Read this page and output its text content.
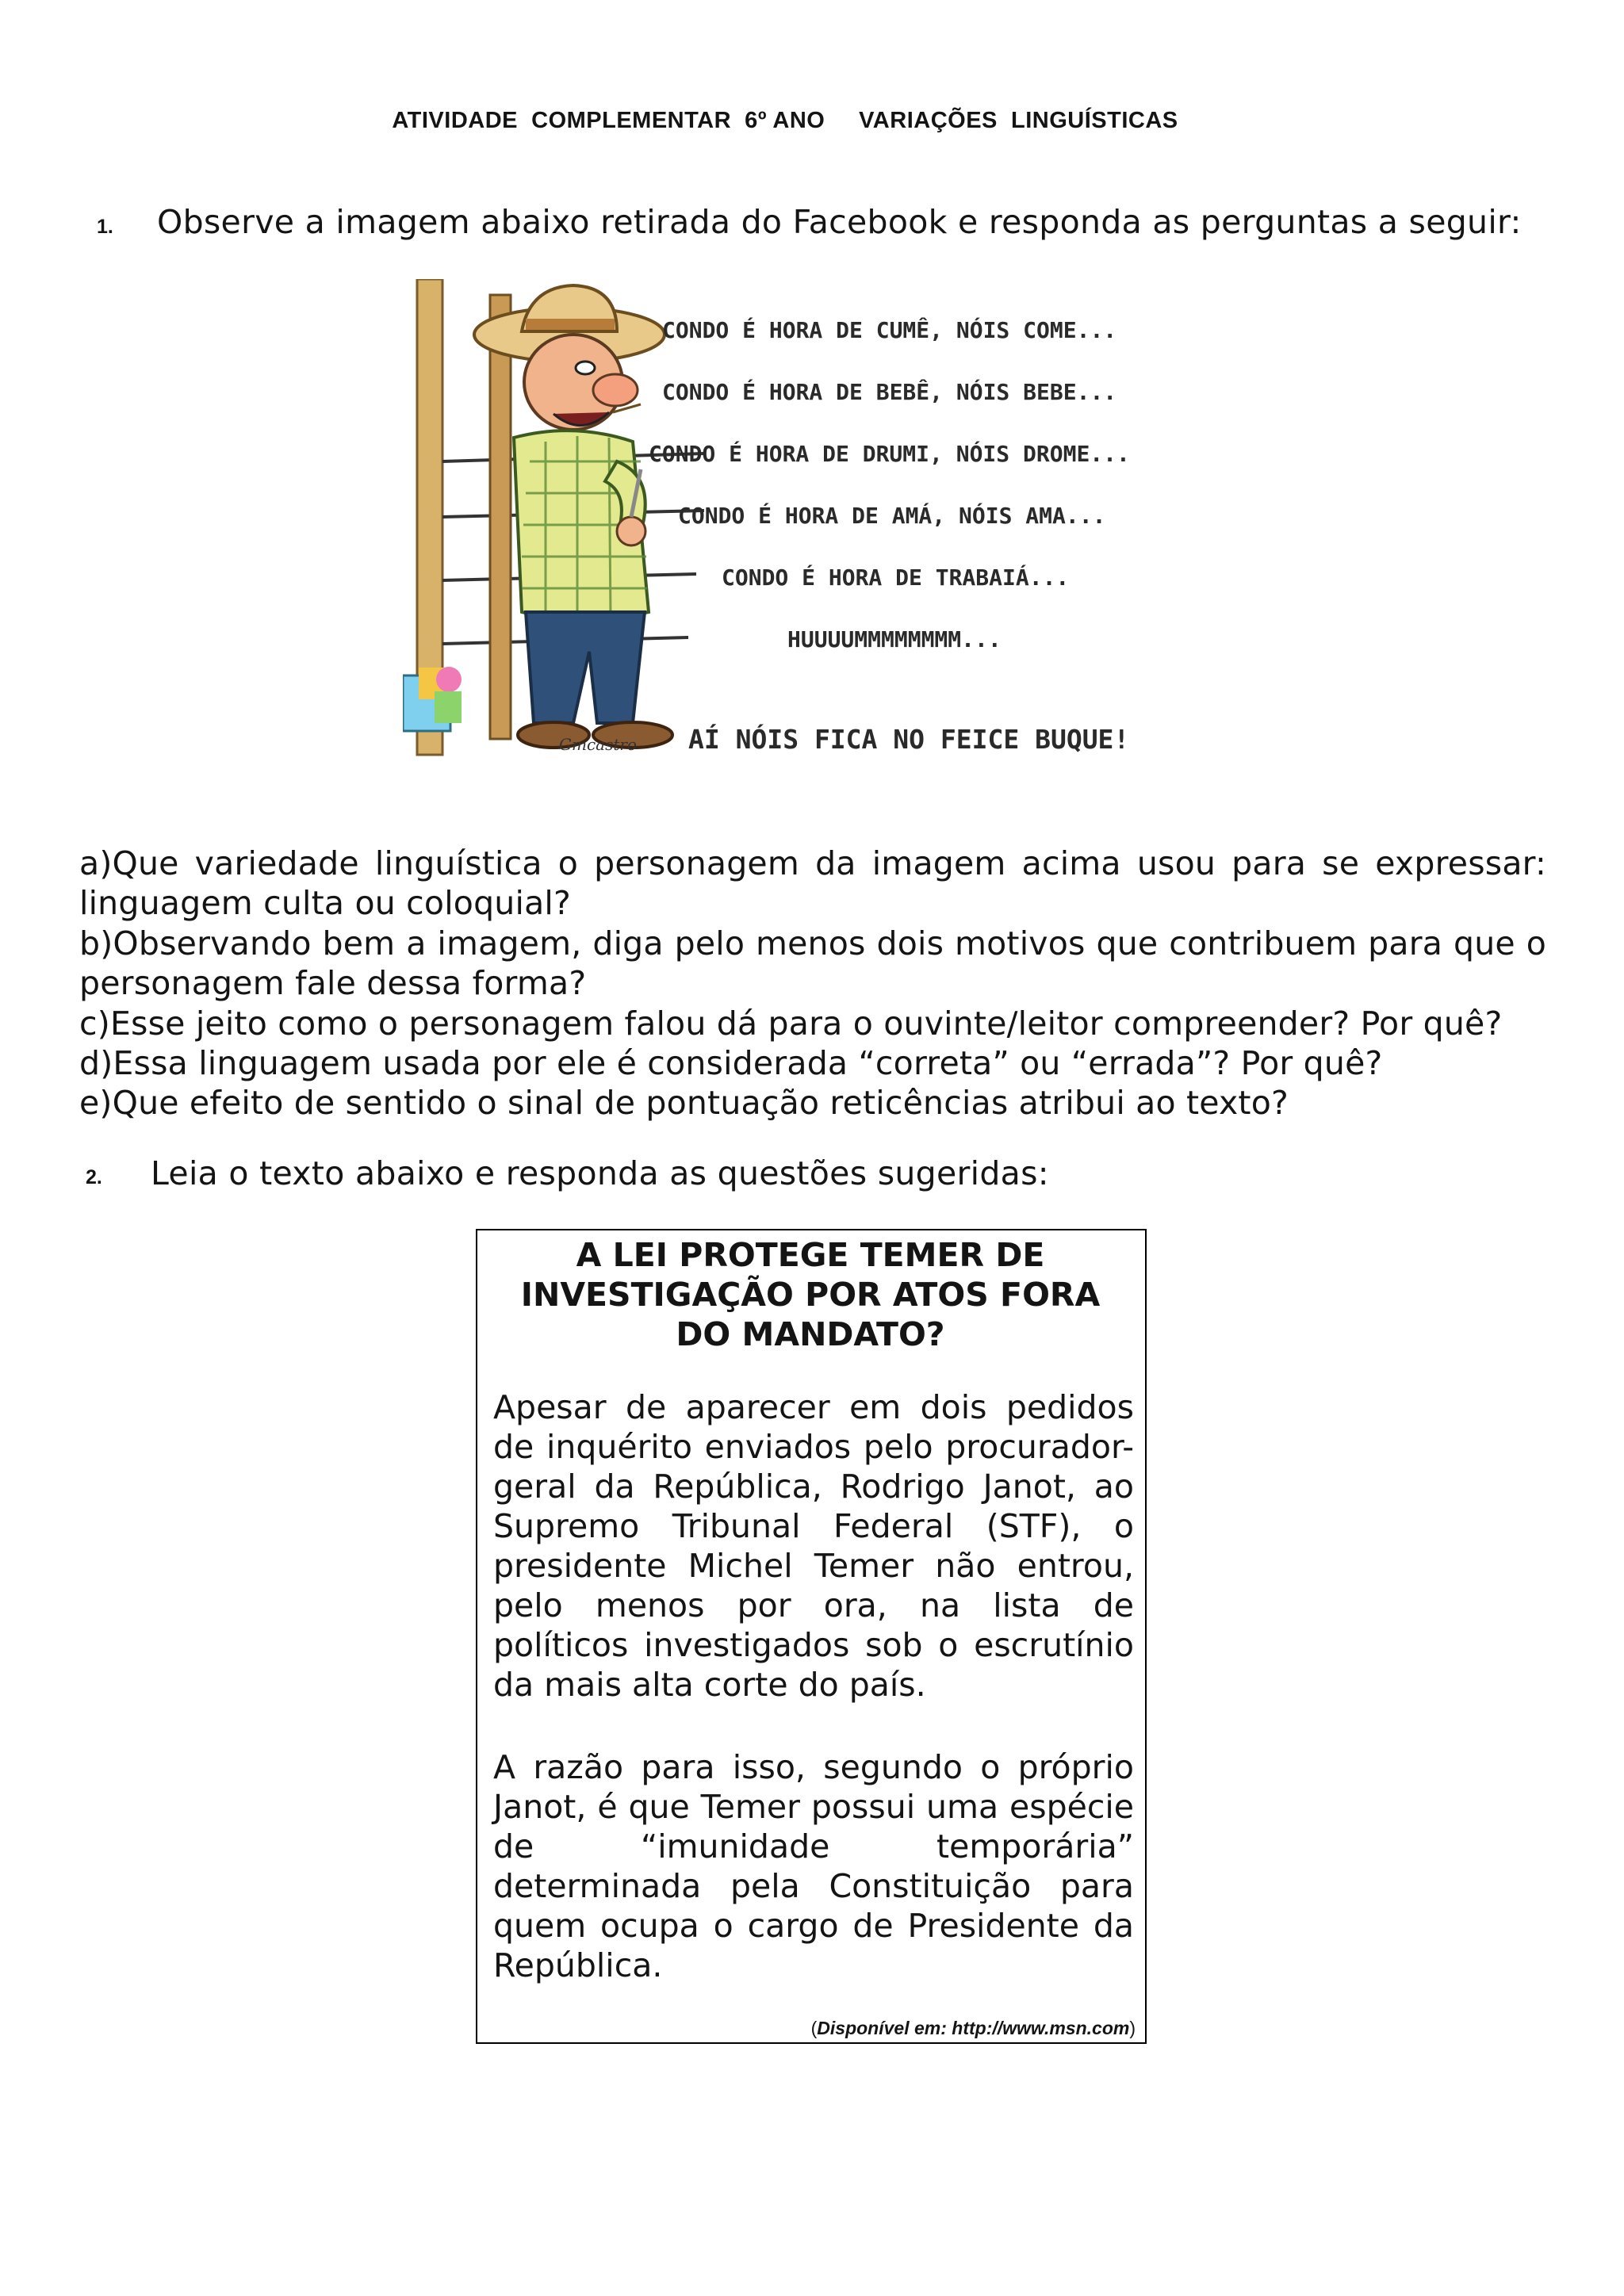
ATIVIDADE  COMPLEMENTAR  6º ANO     VARIAÇÕES  LINGUÍSTICAS
1. Observe a imagem abaixo retirada do Facebook e responda as perguntas a seguir:
CONDO É HORA DE CUMÊ, NÓIS COME...
CONDO É HORA DE BEBÊ, NÓIS BEBE...
CONDO É HORA DE DRUMI, NÓIS DROME...
CONDO É HORA DE AMÁ, NÓIS AMA...
CONDO É HORA DE TRABAIÁ...
HUUUUMMMMMMMM...
AÍ NÓIS FICA NO FEICE BUQUE!
Gmcastro
a)Que variedade linguística o personagem da imagem acima usou para se expressar: linguagem culta ou coloquial?
b)Observando bem a imagem, diga pelo menos dois motivos que contribuem para que o personagem fale dessa forma?
c)Esse jeito como o personagem falou dá para o ouvinte/leitor compreender? Por quê?
d)Essa linguagem usada por ele é considerada “correta” ou “errada”? Por quê?
e)Que efeito de sentido o sinal de pontuação reticências atribui ao texto?
2. Leia o texto abaixo e responda as questões sugeridas:
A LEI PROTEGE TEMER DE INVESTIGAÇÃO POR ATOS FORA DO MANDATO?
Apesar de aparecer em dois pedidos de inquérito enviados pelo procurador-geral da República, Rodrigo Janot, ao Supremo Tribunal Federal (STF), o presidente Michel Temer não entrou, pelo menos por ora, na lista de políticos investigados sob o escrutínio da mais alta corte do país.
A razão para isso, segundo o próprio Janot, é que Temer possui uma espécie de “imunidade temporária” determinada pela Constituição para quem ocupa o cargo de Presidente da República.
(Disponível em: http://www.msn.com)
